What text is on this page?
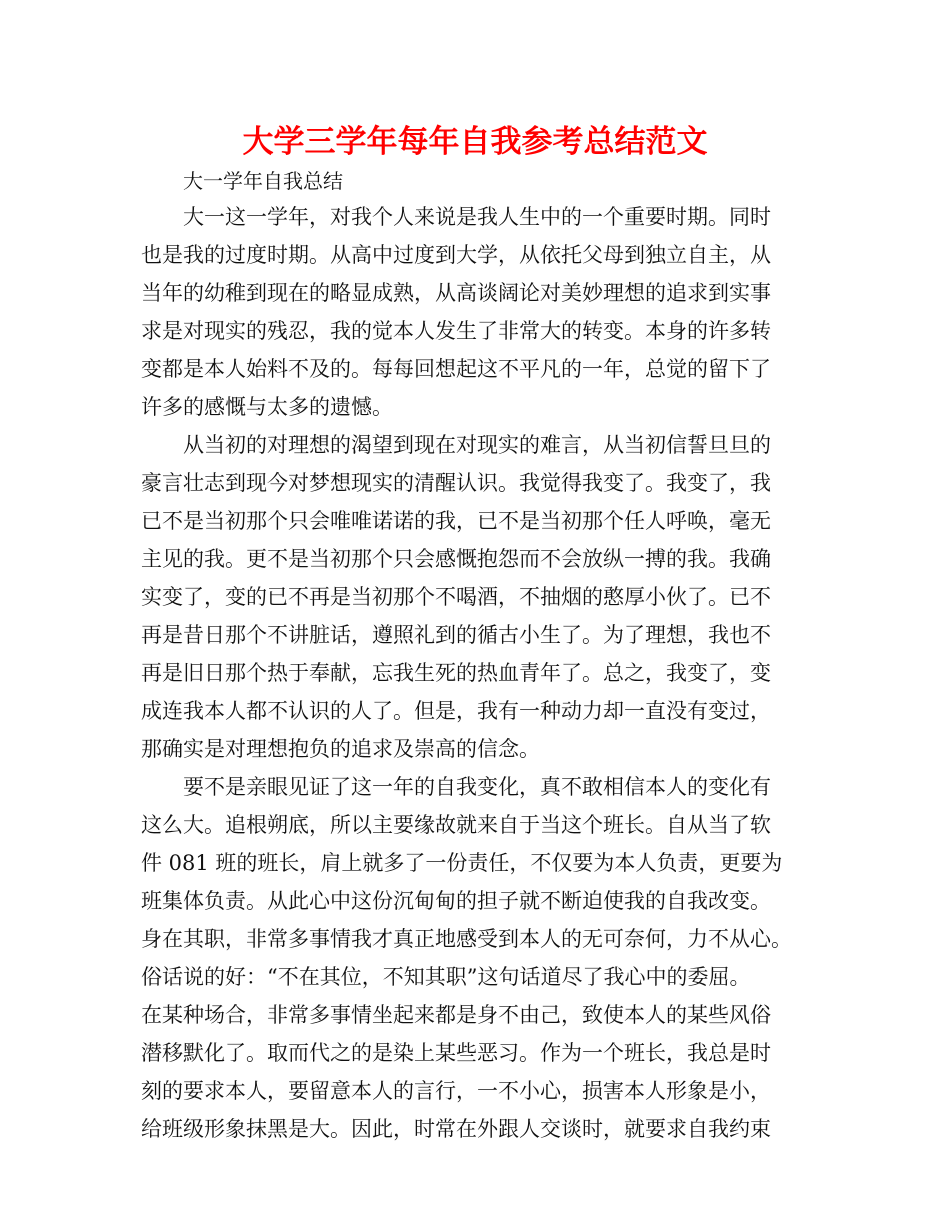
大学三学年每年自我参考总结范文
大一学年自我总结
大一这一学年，对我个人来说是我人生中的一个重要时期。同时
也是我的过度时期。从高中过度到大学，从依托父母到独立自主，从
当年的幼稚到现在的略显成熟，从高谈阔论对美妙理想的追求到实事
求是对现实的残忍，我的觉本人发生了非常大的转变。本身的许多转
变都是本人始料不及的。每每回想起这不平凡的一年，总觉的留下了
许多的感慨与太多的遗憾。
从当初的对理想的渴望到现在对现实的难言，从当初信誓旦旦的
豪言壮志到现今对梦想现实的清醒认识。我觉得我变了。我变了，我
已不是当初那个只会唯唯诺诺的我，已不是当初那个任人呼唤，毫无
主见的我。更不是当初那个只会感慨抱怨而不会放纵一搏的我。我确
实变了，变的已不再是当初那个不喝酒，不抽烟的憨厚小伙了。已不
再是昔日那个不讲脏话，遵照礼到的循古小生了。为了理想，我也不
再是旧日那个热于奉献，忘我生死的热血青年了。总之，我变了，变
成连我本人都不认识的人了。但是，我有一种动力却一直没有变过，
那确实是对理想抱负的追求及崇高的信念。
要不是亲眼见证了这一年的自我变化，真不敢相信本人的变化有
这么大。追根朔底，所以主要缘故就来自于当这个班长。自从当了软
件 081 班的班长，肩上就多了一份责任，不仅要为本人负责，更要为
班集体负责。从此心中这份沉甸甸的担子就不断迫使我的自我改变。
身在其职，非常多事情我才真正地感受到本人的无可奈何，力不从心。
俗话说的好：“不在其位，不知其职”这句话道尽了我心中的委屈。
在某种场合，非常多事情坐起来都是身不由己，致使本人的某些风俗
潜移默化了。取而代之的是染上某些恶习。作为一个班长，我总是时
刻的要求本人，要留意本人的言行，一不小心，损害本人形象是小，
给班级形象抹黑是大。因此，时常在外跟人交谈时，就要求自我约束
